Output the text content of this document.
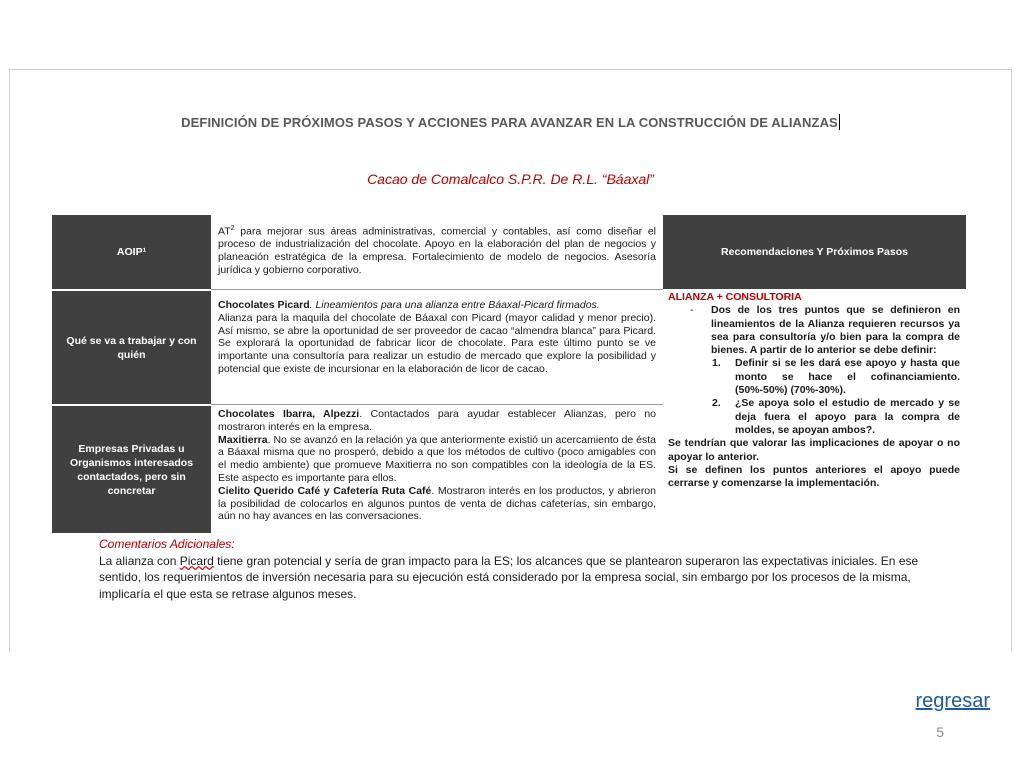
DEFINICIÓN DE PRÓXIMOS PASOS Y ACCIONES PARA AVANZAR EN LA CONSTRUCCIÓN DE ALIANZAS
Cacao de Comalcalco S.P.R. De R.L. “Báaxal”
AOIP¹
$AT^2$ para mejorar sus áreas administrativas, comercial y contables, así como diseñar el proceso de industrialización del chocolate. Apoyo en la elaboración del plan de negocios y planeación estratégica de la empresa. Fortalecimiento de modelo de negocios. Asesoría jurídica y gobierno corporativo.
Qué se va a trabajar y con quién
Chocolates Picard. Lineamientos para una alianza entre Báaxal-Picard firmados.
Alianza para la maquila del chocolate de Báaxal con Picard (mayor calidad y menor precio). Así mismo, se abre la oportunidad de ser proveedor de cacao “almendra blanca” para Picard. Se explorará la oportunidad de fabricar licor de chocolate. Para este último punto se ve importante una consultoría para realizar un estudio de mercado que explore la posibilidad y potencial que existe de incursionar en la elaboración de licor de cacao.
Empresas Privadas u Organismos interesados contactados, pero sin concretar
Chocolates Ibarra, Alpezzi. Contactados para ayudar establecer Alianzas, pero no mostraron interés en la empresa.
Maxitierra. No se avanzó en la relación ya que anteriormente existió un acercamiento de ésta a Báaxal misma que no prosperó, debido a que los métodos de cultivo (poco amigables con el medio ambiente) que promueve Maxitierra no son compatibles con la ideología de la ES. Este aspecto es importante para ellos.
Cielito Querido Café y Cafetería Ruta Café. Mostraron interés en los productos, y abrieron la posibilidad de colocarlos en algunos puntos de venta de dichas cafeterías, sin embargo, aún no hay avances en las conversaciones.
Recomendaciones Y Próximos Pasos
ALIANZA + CONSULTORIA
- Dos de los tres puntos que se definieron en lineamientos de la Alianza requieren recursos ya sea para consultoría y/o bien para la compra de bienes. A partir de lo anterior se debe definir:
1. Definir si se les dará ese apoyo y hasta que monto se hace el cofinanciamiento. (50%-50%) (70%-30%).
2. ¿Se apoya solo el estudio de mercado y se deja fuera el apoyo para la compra de moldes, se apoyan ambos?.
Se tendrían que valorar las implicaciones de apoyar o no apoyar lo anterior.
Si se definen los puntos anteriores el apoyo puede cerrarse y comenzarse la implementación.
Comentarios Adicionales:
La alianza con Picard tiene gran potencial y sería de gran impacto para la ES; los alcances que se plantearon superaron las expectativas iniciales. En ese sentido, los requerimientos de inversión necesaria para su ejecución está considerado por la empresa social, sin embargo por los procesos de la misma, implicaría el que esta se retrase algunos meses.
regresar
5
